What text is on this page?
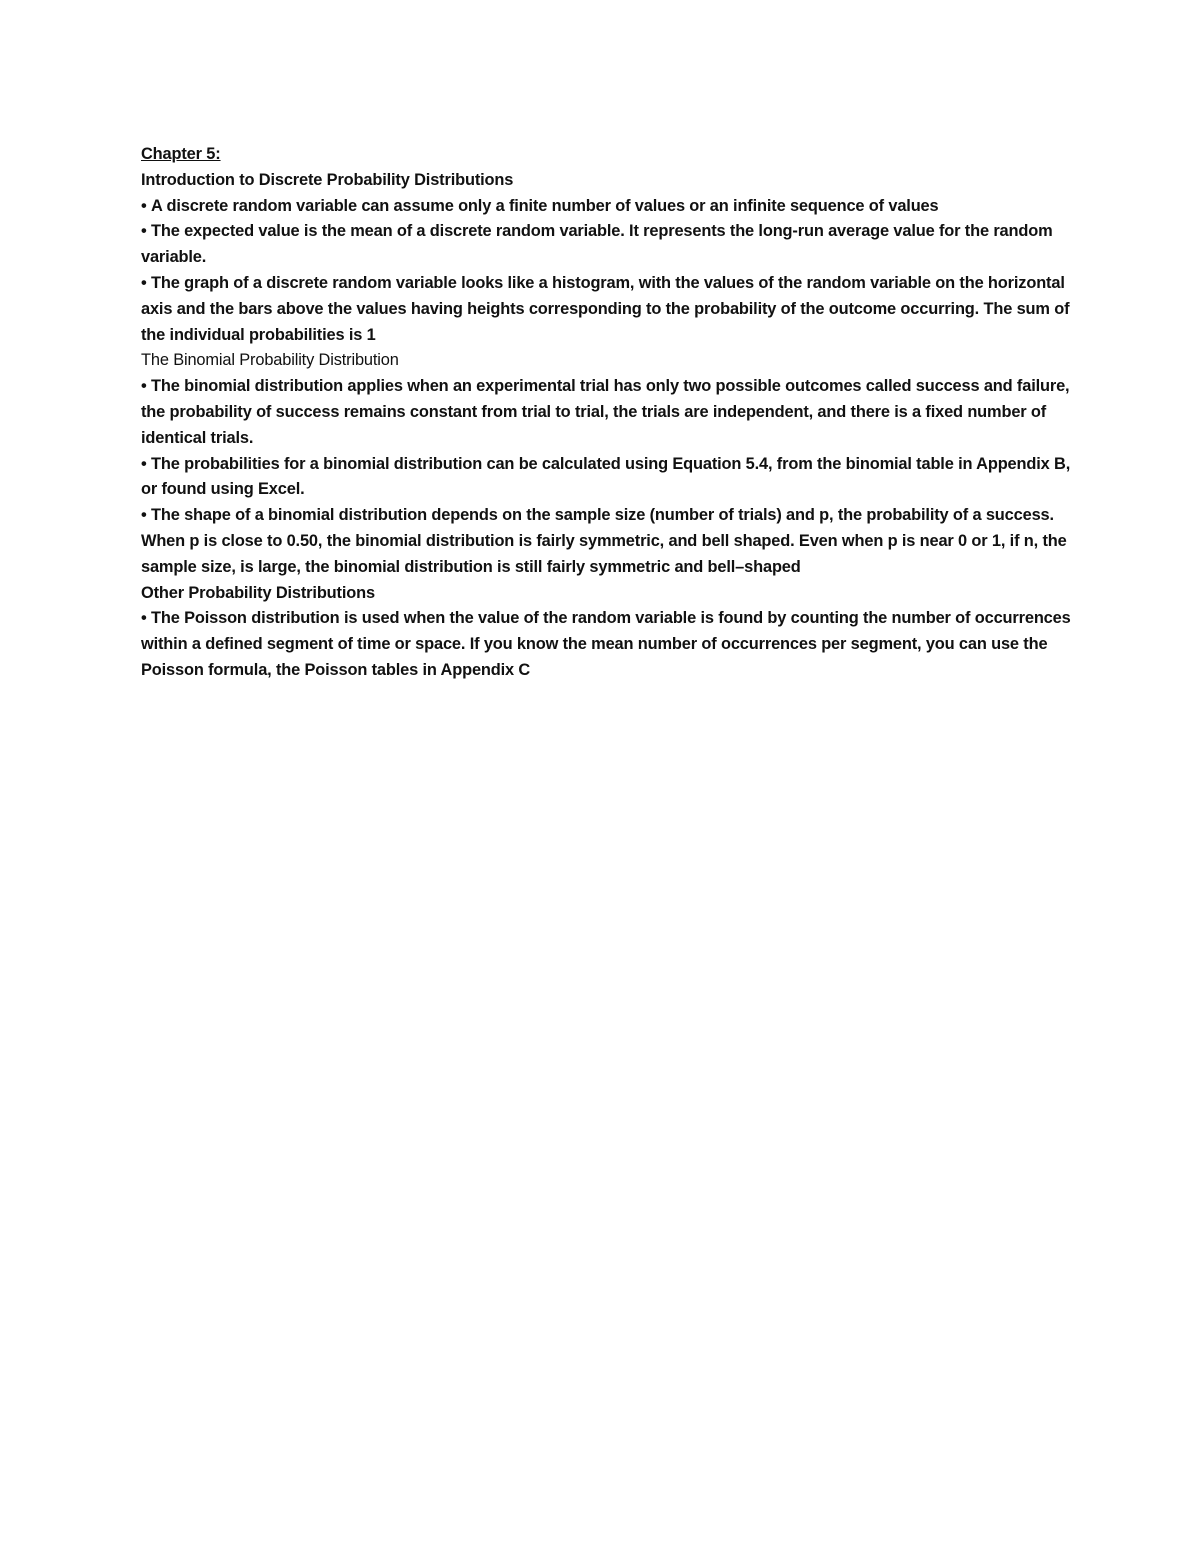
Chapter 5:
Introduction to Discrete Probability Distributions
• A discrete random variable can assume only a finite number of values or an infinite sequence of values
• The expected value is the mean of a discrete random variable. It represents the long-run average value for the random variable.
• The graph of a discrete random variable looks like a histogram, with the values of the random variable on the horizontal axis and the bars above the values having heights corresponding to the probability of the outcome occurring. The sum of the individual probabilities is 1
The Binomial Probability Distribution
• The binomial distribution applies when an experimental trial has only two possible outcomes called success and failure, the probability of success remains constant from trial to trial, the trials are independent, and there is a fixed number of identical trials.
• The probabilities for a binomial distribution can be calculated using Equation 5.4, from the binomial table in Appendix B, or found using Excel.
• The shape of a binomial distribution depends on the sample size (number of trials) and p, the probability of a success. When p is close to 0.50, the binomial distribution is fairly symmetric, and bell shaped. Even when p is near 0 or 1, if n, the sample size, is large, the binomial distribution is still fairly symmetric and bell–shaped
Other Probability Distributions
• The Poisson distribution is used when the value of the random variable is found by counting the number of occurrences within a defined segment of time or space. If you know the mean number of occurrences per segment, you can use the Poisson formula, the Poisson tables in Appendix C
